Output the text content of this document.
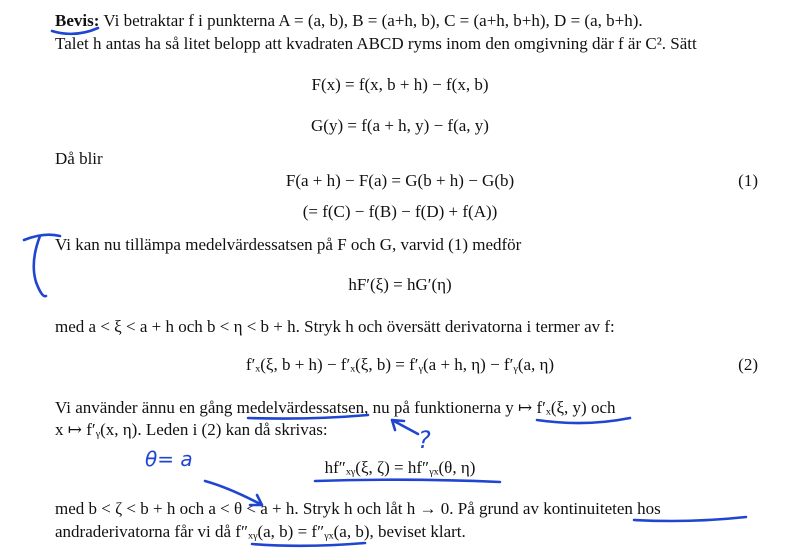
Bevis: Vi betraktar f i punkterna A = (a, b), B = (a+h, b), C = (a+h, b+h), D = (a, b+h).
Talet h antas ha så litet belopp att kvadraten ABCD ryms inom den omgivning där f är C². Sätt
F(x) = f(x, b + h) − f(x, b)
G(y) = f(a + h, y) − f(a, y)
Då blir
F(a + h) − F(a) = G(b + h) − G(b)	(1)
(= f(C) − f(B) − f(D) + f(A))
Vi kan nu tillämpa medelvärdessatsen på F och G, varvid (1) medför
hF′(ξ) = hG′(η)
med a < ξ < a + h och b < η < b + h. Stryk h och översätt derivatorna i termer av f:
f′ₓ(ξ, b + h) − f′ₓ(ξ, b) = f′ᵧ(a + h, η) − f′ᵧ(a, η)	(2)
Vi använder ännu en gång medelvärdessatsen, nu på funktionerna y ↦ f′ₓ(ξ, y) och
x ↦ f′ᵧ(x, η). Leden i (2) kan då skrivas:
hf″ₓᵧ(ξ, ζ) = hf″ᵧₓ(θ, η)
med b < ζ < b + h och a < θ < a + h. Stryk h och låt h → 0. På grund av kontinuiteten hos
andraderivatorna får vi då f″ₓᵧ(a, b) = f″ᵧₓ(a, b), beviset klart.
?
θ= a
